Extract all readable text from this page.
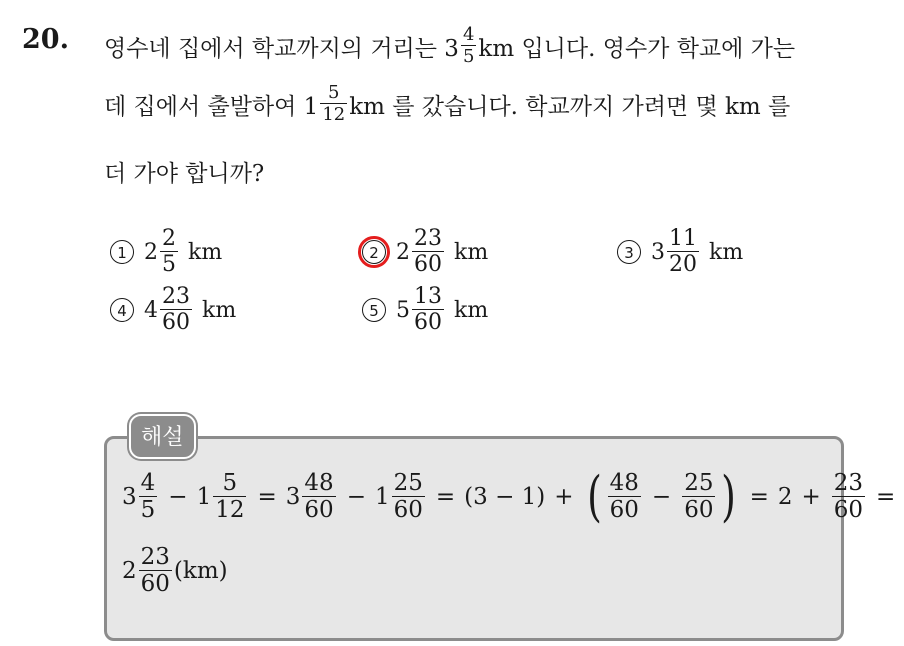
20. 영수네 집에서 학교까지의 거리는 $3 \frac{4}{5}$ km 입니다. 영수가 학교에 가는
데 집에서 출발하여 $1 \frac{5}{12}$ km 를 갔습니다. 학교까지 가려면 몇 km 를
더 가야 합니까?
1 $2 \frac{2}{5}$ km	2 $2 \frac{23}{60}$ km	3 $3 \frac{11}{20}$ km
4 $4 \frac{23}{60}$ km	5 $5 \frac{13}{60}$ km
해설
$3 \frac{4}{5} - 1 \frac{5}{12} = 3 \frac{48}{60} - 1 \frac{25}{60} = (3 - 1)$ + ( $\frac{48}{60} - \frac{25}{60}$ ) = $2 + \frac{23}{60}$ =
$2 \frac{23}{60} (km)$
